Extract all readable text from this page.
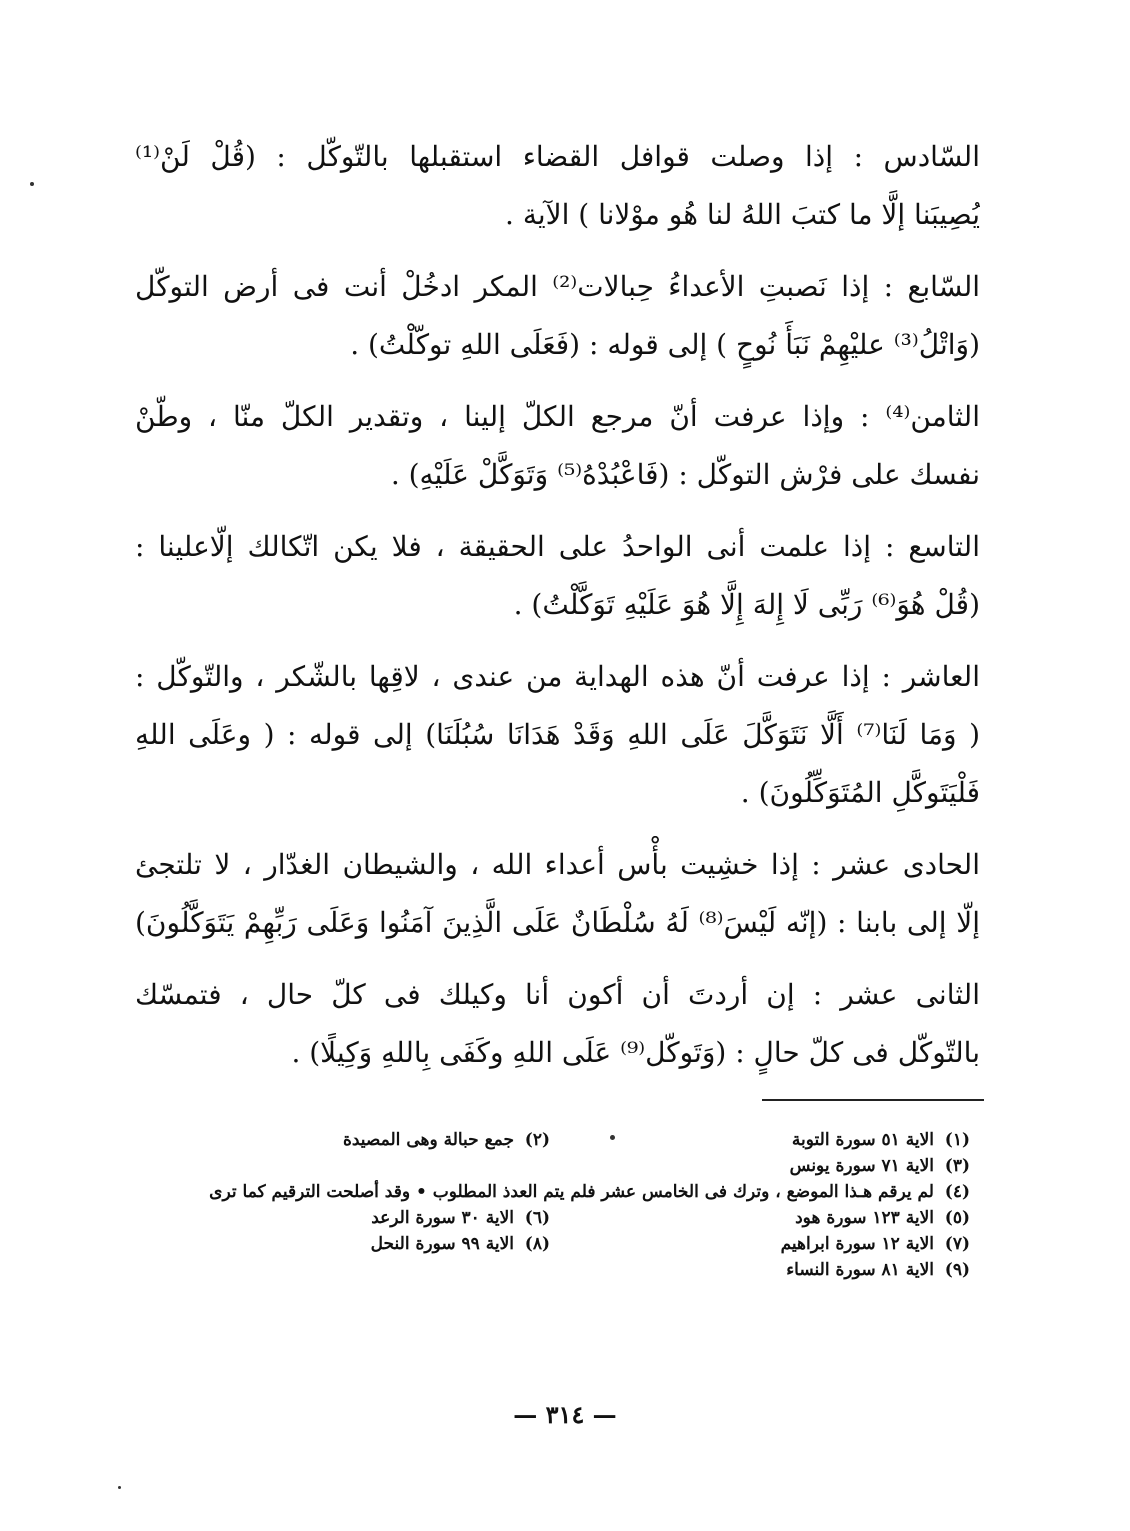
السّادس : إذا وصلت قوافل القضاء استقبلها بالتّوكّل : (قُلْ لَنْ⁽¹⁾
يُصِيبَنا إلَّا ما كتبَ اللهُ لنا هُو موْلانا ) الآية .
السّابع : إذا نَصبتِ الأعداءُ حِبالات⁽²⁾ المكر ادخُلْ أنت فى أرض التوكّل
(وَاتْلُ⁽³⁾ عليْهِمْ نَبَأَ نُوحٍ ) إلى قوله : (فَعَلَى اللهِ توكّلْتُ) .
الثامن⁽⁴⁾ : وإذا عرفت أنّ مرجع الكلّ إلينا ، وتقدير الكلّ منّا ، وطّنْ
نفسك على فرْش التوكّل : (فَاعْبُدْهُ⁽⁵⁾ وَتَوَكَّلْ عَلَيْهِ) .
التاسع : إذا علمت أنى الواحدُ على الحقيقة ، فلا يكن اتّكالك إلّاعلينا :
(قُلْ هُوَ⁽⁶⁾ رَبِّى لَا إِلهَ إِلَّا هُوَ عَلَيْهِ تَوَكَّلْتُ) .
العاشر : إذا عرفت أنّ هذه الهداية من عندى ، لاقِها بالشّكر ، والتّوكّل :
( وَمَا لَنَا⁽⁷⁾ أَلَّا نَتَوَكَّلَ عَلَى اللهِ وَقَدْ هَدَانَا سُبُلَنَا) إلى قوله : ( وعَلَى اللهِ
فَلْيَتَوكَّلِ المُتَوَكِّلُونَ) .
الحادى عشر : إذا خشِيت بأْس أعداء الله ، والشيطان الغدّار ، لا تلتجئ
إلّا إلى بابنا : (إنّه لَيْسَ⁽⁸⁾ لَهُ سُلْطَانٌ عَلَى الَّذِينَ آمَنُوا وَعَلَى رَبِّهِمْ يَتَوَكَّلُونَ)
الثانى عشر : إن أردتَ أن أكون أنا وكيلك فى كلّ حال ، فتمسّك
بالتّوكّل فى كلّ حالٍ : (وَتَوكّل⁽⁹⁾ عَلَى اللهِ وكَفَى بِاللهِ وَكِيلًا) .
(١)الاية ٥١ سورة التوبة
(٢)جمع حبالة وهى المصيدة
(٣)الاية ٧١ سورة يونس
(٤)لم يرقم هـذا الموضع ، وترك فى الخامس عشر فلم يتم العدذ المطلوب • وقد أصلحت الترقيم كما ترى
(٥)الاية ١٢٣ سورة هود
(٦)الاية ٣٠ سورة الرعد
(٧)الاية ١٢ سورة ابراهيم
(٨)الاية ٩٩ سورة النحل
(٩)الاية ٨١ سورة النساء
— ٣١٤ —
